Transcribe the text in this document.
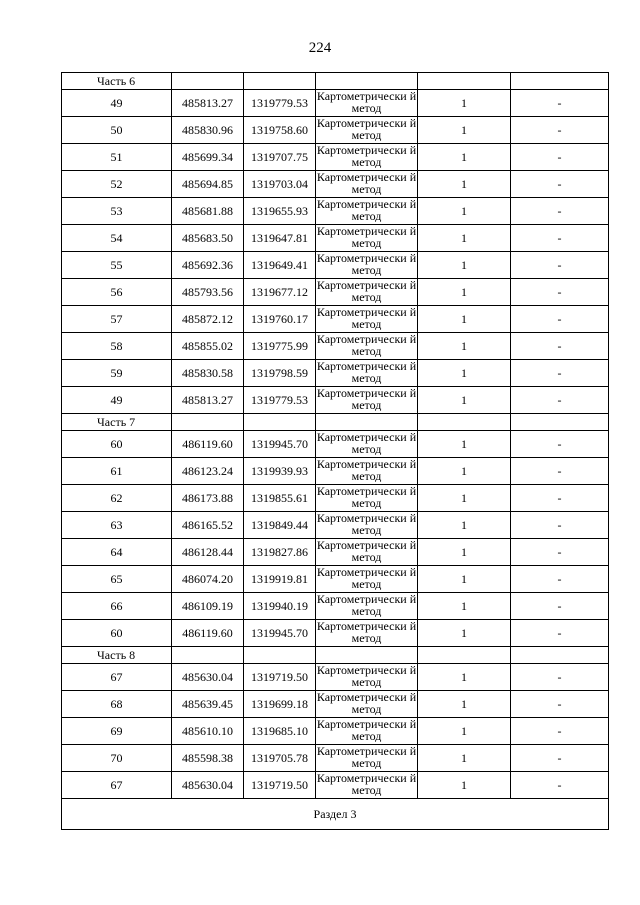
224
Часть 6					
49	485813.27	1319779.53	Картометрически й метод	1	-
50	485830.96	1319758.60	Картометрически й метод	1	-
51	485699.34	1319707.75	Картометрически й метод	1	-
52	485694.85	1319703.04	Картометрически й метод	1	-
53	485681.88	1319655.93	Картометрически й метод	1	-
54	485683.50	1319647.81	Картометрически й метод	1	-
55	485692.36	1319649.41	Картометрически й метод	1	-
56	485793.56	1319677.12	Картометрически й метод	1	-
57	485872.12	1319760.17	Картометрически й метод	1	-
58	485855.02	1319775.99	Картометрически й метод	1	-
59	485830.58	1319798.59	Картометрически й метод	1	-
49	485813.27	1319779.53	Картометрически й метод	1	-
Часть 7					
60	486119.60	1319945.70	Картометрически й метод	1	-
61	486123.24	1319939.93	Картометрически й метод	1	-
62	486173.88	1319855.61	Картометрически й метод	1	-
63	486165.52	1319849.44	Картометрически й метод	1	-
64	486128.44	1319827.86	Картометрически й метод	1	-
65	486074.20	1319919.81	Картометрически й метод	1	-
66	486109.19	1319940.19	Картометрически й метод	1	-
60	486119.60	1319945.70	Картометрически й метод	1	-
Часть 8					
67	485630.04	1319719.50	Картометрически й метод	1	-
68	485639.45	1319699.18	Картометрически й метод	1	-
69	485610.10	1319685.10	Картометрически й метод	1	-
70	485598.38	1319705.78	Картометрически й метод	1	-
67	485630.04	1319719.50	Картометрически й метод	1	-
Раздел 3					
